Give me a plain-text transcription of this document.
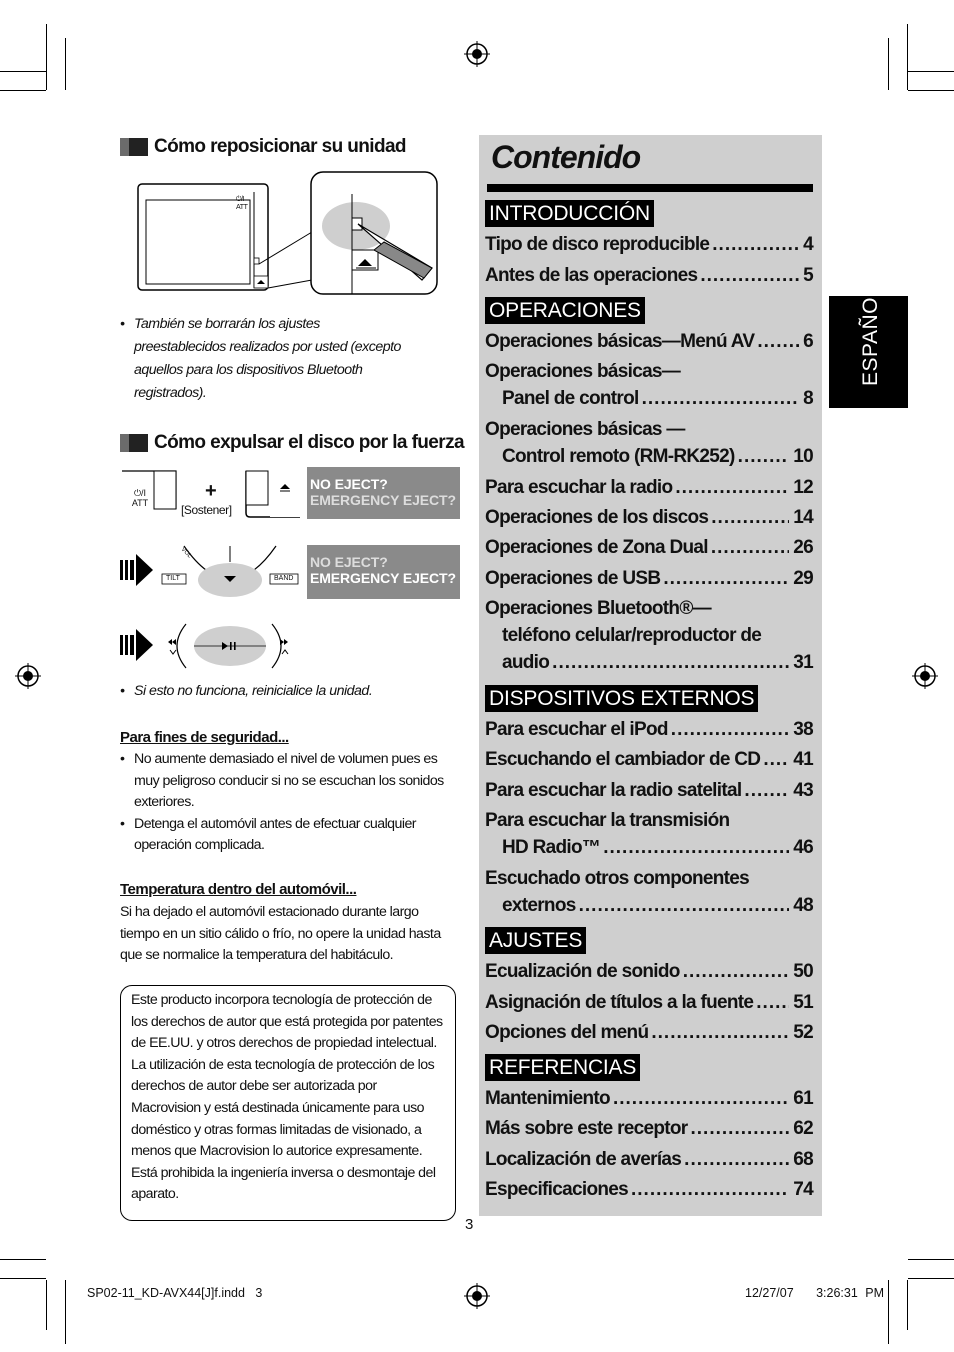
Cómo reposicionar su unidad
⏻/I ATT
• También se borrarán los ajustes preestablecidos realizados por usted (excepto aquellos para los dispositivos Bluetooth registrados).
Cómo expulsar el disco por la fuerza
⏻/I
ATT
+
[Sostener]
NO EJECT?
EMERGENCY EJECT?
TILT	BAND
VOL
NO EJECT?
EMERGENCY EJECT?
• Si esto no funciona, reinicialice la unidad.
Para fines de seguridad...
• No aumente demasiado el nivel de volumen pues es muy peligroso conducir si no se escuchan los sonidos exteriores.
• Detenga el automóvil antes de efectuar cualquier operación complicada.
Temperatura dentro del automóvil...
Si ha dejado el automóvil estacionado durante largo tiempo en un sitio cálido o frío, no opere la unidad hasta que se normalice la temperatura del habitáculo.
Este producto incorpora tecnología de protección de los derechos de autor que está protegida por patentes de EE.UU. y otros derechos de propiedad intelectual. La utilización de esta tecnología de protección de los derechos de autor debe ser autorizada por Macrovision y está destinada únicamente para uso doméstico y otras formas limitadas de visionado, a menos que Macrovision lo autorice expresamente. Está prohibida la ingeniería inversa o desmontaje del aparato.
Contenido
INTRODUCCIÓN
Tipo de disco reproducible .....	4
Antes de las operaciones .....	5
OPERACIONES
Operaciones básicas—Menú AV .....	6
Operaciones básicas—
Panel de control .....	8
Operaciones básicas —
Control remoto (RM-RK252) .....	10
Para escuchar la radio .....	12
Operaciones de los discos .....	14
Operaciones de Zona Dual .....	26
Operaciones de USB .....	29
Operaciones Bluetooth®—
teléfono celular/reproductor de
audio .....	31
DISPOSITIVOS EXTERNOS
Para escuchar el iPod .....	38
Escuchando el cambiador de CD ..... 41
Para escuchar la radio satelital .....	43
Para escuchar la transmisión
HD Radio™ .....	46
Escuchado otros componentes
externos .....	48
AJUSTES
Ecualización de sonido .....	50
Asignación de títulos a la fuente ..... 51
Opciones del menú .....	52
REFERENCIAS
Mantenimiento .....	61
Más sobre este receptor .....	62
Localización de averías .....	68
Especificaciones .....	74
ESPAÑOL
3
SP02-11_KD-AVX44[J]f.indd   3	12/27/07   3:26:31 PM
